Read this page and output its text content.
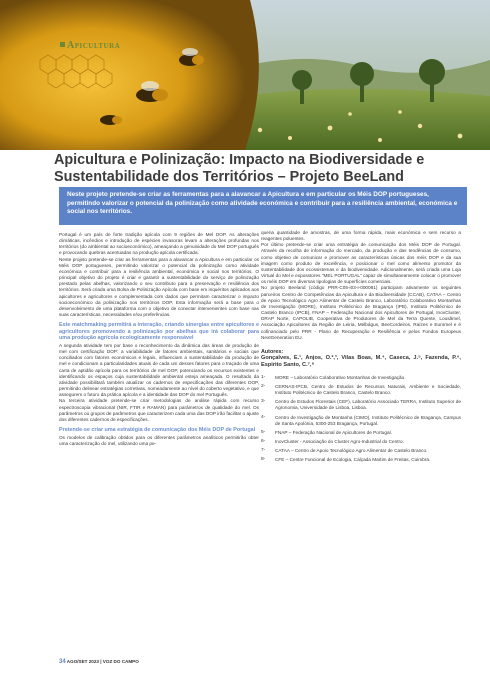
Apicultura
Apicultura e Polinização: Impacto na Biodiversidade e Sustentabilidade dos Territórios – Projeto BeeLand
Neste projeto pretende-se criar as ferramentas para a alavancar a Apicultura e em particular os Méis DOP portugueses, permitindo valorizar o potencial da polinização como atividade económica e contribuir para a resiliência ambiental, económica e social nos territórios.

Portugal é um país de forte tradição apícola com 9 regiões de Mel DOP. As alterações climáticas, incêndios e introdução de espécies invasoras levam a alterações profundas nos territórios (do ambiental ao socioeconómico), ameaçando a genuinidade do Mel DOP português e provocando quebras acentuadas na produção apícola certificada.

Neste projeto pretende-se criar as ferramentas para a alavancar a Apicultura e em particular os Méis DOP portugueses, permitindo valorizar o potencial da polinização como atividade económica e contribuir para a resiliência ambiental, económica e social nos territórios. O principal objetivo do projeto é criar e garantir a sustentabilidade do serviço de polinização prestado pelas abelhas, valorizando o seu contributo para a preservação e resiliência dos territórios. Será criada uma Bolsa de Polinização Apícola com base em inquéritos aplicados aos apicultores e agricultores e complementada com dados que permitam caracterizar o impacto socioeconómico da polinização nos territórios DOP. Esta informação será a base para o desenvolvimento de uma plataforma com o objetivo de conectar intervenientes com base nas suas características, necessidades e/ou preferências.

Este matchmaking permitirá a interação, criando sinergias entre apicultores e agricultores promovendo a polinização por abelhas que irá colaborar para uma produção agrícola ecologicamente responsável

A segunda atividade tem por base o reconhecimento da dinâmica das áreas de produção de mel com certificação DOP: a variabilidade de fatores ambientais, sanitários e sociais que conciliados com fatores económicos e legais, influenciam a sustentabilidade da produção de mel e condicionam a particularidades atuais de cada um desses fatores para o traçado de uma carta de aptidão apícola para os territórios de mel DOP, potenciando os recursos existentes e identificando os espaços cuja sustentabilidade ambiental esteja ameaçada. O resultado da atividade possibilitará também atualizar os cadernos de especificações das diferentes DOP, permitindo delinear estratégias corretivas, nomeadamente ao nível do coberto vegetativo, e que assegurem o futuro da prática apícola e a identidade das DOP do mel Português.

Na terceira atividade pretende-se criar metodologias de análise rápida com recurso espectroscopia vibracional (NIR, FTIR e RAMAN) para parâmetros de qualidade do mel. Os parâmetros ou grupos de parâmetros que caracterizem cada uma das DOP irão facilitar o ajuste dos diferentes cadernos de especificações.

Pretende-se criar uma estratégia de comunicação dos Méis DOP de Portugal

Os modelos de calibração obtidos para os diferentes parâmetros analíticos permitirão obter uma caracterização do mel, utilizando uma pe-

quena quantidade de amostras, de uma forma rápida, mais económica e sem recurso a reagentes poluentes.

Por último pretende-se criar uma estratégia de comunicação dos Méis DOP de Portugal. Através da recolha de informação do mercado, da produção e das tendências de consumo, como objetivo de comunicar e promover as características únicas dos méis DOP e da sua imagem como produto de excelência, e posicionar o mel como alimento promotor da sustentabilidade dos ecossistemas e da biodiversidade. Adicionalmente, será criada uma Loja Virtual do Mel e exposstores "MEL PORTUGAL" capaz de simultaneamente colocar o promover os méis DOP em diversas tipologias de superfícies comerciais.

No projeto Beeland (código PRR-C05-i03-I-000081) participam ativamente os seguintes parceiros Centro de Competências da Apicultura e da Biodiversidade (CCAB), CATAA – Centro de Apoio Tecnológico Agro Alimentar de Castelo Branco, Laboratório Colaborativo Montanhas de Investigação (MORE), Instituto Politécnico de Bragança (IPB), Instituto Politécnico de Castelo Branco (IPCB), FNAP – Federação Nacional dos Apicultores de Portugal, InovCluster, DRAP Norte, CAPOLIB, Cooperativa de Produtores de Mel da Terra Quente, Lousãmel, Associação Apicultores da Região de Leiria, Melbágus, BeeCordeiros, Raízes e Euromel e é cofinanciado pelo PRR - Plano de Recuperação e Resiliência e pelos Fundos Europeus NextGeneration EU.

Autores:

Gonçalves, E.¹, Anjos, O.²,³, Vilas Boas, M.⁴, Caseca, J.⁵, Fazenda, P.⁶, Espirito Santo, C.⁷,⁸

1-	MORE – Laboratório Colaborativo Montanhas de Investigação.
2-	CERNAS-IPCB, Centro de Estudos de Recursos Naturais, Ambiente e Sociedade, Instituto Politécnico de Castelo Branco, Castelo Branco.
3-	Centro de Estudos Florestais (CEF), Laboratório Associado TERRA, Instituto Superior de Agronomia, Universidade de Lisboa, Lisboa.
4-	Centro de Investigação de Montanha (CIMO), Instituto Politécnico de Bragança, Campus de Santa Apolónia, 5300-253 Bragança, Portugal.
5-	FNAP – Federação Nacional de Apicultores de Portugal.
6-	InovCluster - Associação do Cluster Agro-Industrial do Centro.
7-	CATAA – Centro de Apoio Tecnológico Agro Alimentar de Castelo Branco.
8-	CFE – Centre Funcional de Ecologia, Calçada Martim de Freitas, Coimbra.
34 AGO/SET 2023 | VOZ DO CAMPO
